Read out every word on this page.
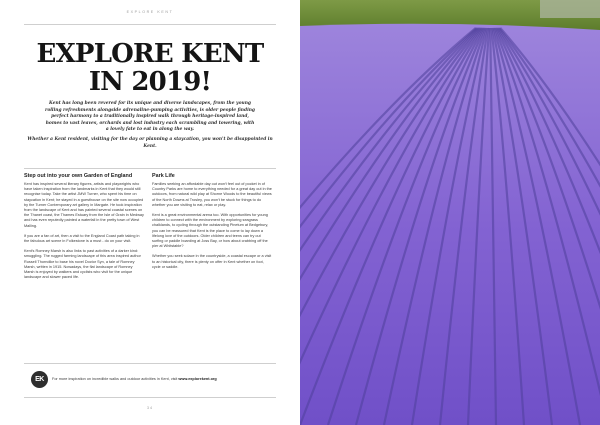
EXPLORE KENT
EXPLORE KENT
IN 2019!

Kent has long been revered for its unique and diverse landscapes, from the young rolling refreshments alongside adrenaline-pumping activities, is older people finding perfect harmony to a traditionally inspired walk through heritage-inspired land, homes to vast leaves, orchards and lost industry each scrambling and towering, with a lovely fate to eat in along the way.

Whether a Kent resident, visiting for the day or planning a staycation, you won't be disappointed in Kent.

Step out into your own Garden of England

Kent has inspired several literary figures, artists and playwrights who have taken inspiration from the landmarks in Kent that they would still recognise today. Take the artist JMW Turner, who spent his time on staycation in Kent; he stayed in a guesthouse on the site now occupied by the Turner Contemporary art gallery in Margate. He took inspiration from the landscape of Kent and has painted several coastal scenes on the Thanet coast, the Thames Estuary from the Isle of Grain in Medway and has even reputedly painted a waterfall in the pretty town of West Malling.

If you are a fan of art, then a visit to the England Coast path taking in the fabulous art scene in Folkestone is a must - do on your visit.

Kent's Romney Marsh is also links to past activities of a darker kind: smuggling. The rugged farming landscape of this area inspired author Russell Thorndike to base his novel Doctor Syn, a tale of Romney Marsh, written in 1915. Nowadays, the flat landscape of Romney Marsh is enjoyed by walkers and cyclists who visit for the unique landscape and slower paced life.

Park Life

Families seeking an affordable day out won't feel out of pocket in of Country Parks are home to everything needed for a great day out in the outdoors, from natural wild play at Shorne Woods to the beautiful views of the North Downs at Trosley, you won't be stuck for things to do whether you are visiting to eat, relax or play.

Kent is a great environmental arena too. With opportunities for young children to connect with the environment by exploring seagrass chalklands, to cycling through the outstanding Pinetum at Bedgebury, you can be reassured that Kent is the place to come to lay down a lifelong love of the outdoors. Older children and teens can try out surfing or paddle boarding at Joss Bay, or how about crabbing off the pier at Whitstable?

Whether you seek solace in the countryside, a coastal escape or a visit to an historical city, there is plenty on offer in Kent whether on foot, cycle or saddle.

EK	For more inspiration on incredible walks and outdoor activities in Kent, visit www.explorekent.org

34
